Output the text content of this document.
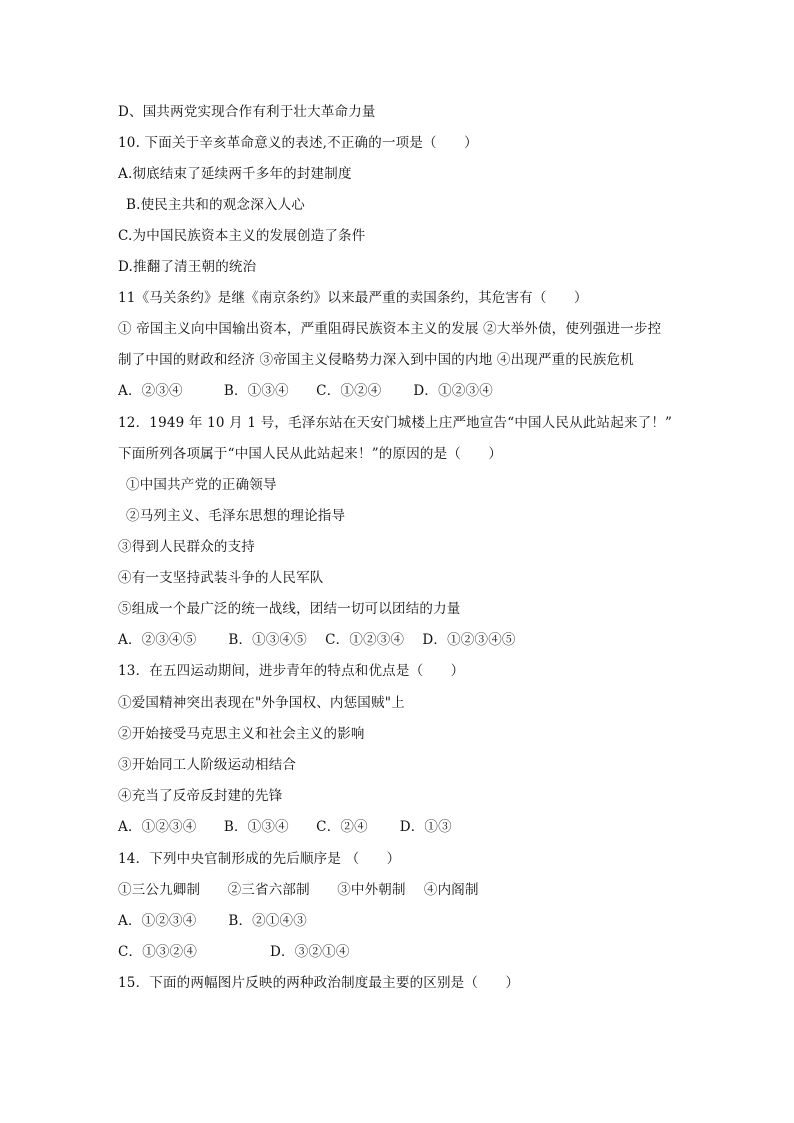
D、国共两党实现合作有利于壮大革命力量
10. 下面关于辛亥革命意义的表述,不正确的一项是（　　）
A.彻底结束了延续两千多年的封建制度
B.使民主共和的观念深入人心
C.为中国民族资本主义的发展创造了条件
D.推翻了清王朝的统治
11《马关条约》是继《南京条约》以来最严重的卖国条约，其危害有（　　）
① 帝国主义向中国输出资本，严重阻碍民族资本主义的发展 ②大举外债，使列强进一步控
制了中国的财政和经济 ③帝国主义侵略势力深入到中国的内地 ④出现严重的民族危机
A．②③④　　　B．①③④　　C．①②④　　 D．①②③④
12．1949 年 10 月 1 号，毛泽东站在天安门城楼上庄严地宣告“中国人民从此站起来了！”
下面所列各项属于“中国人民从此站起来！”的原因的是（　　）
①中国共产党的正确领导
②马列主义、毛泽东思想的理论指导
③得到人民群众的支持
④有一支坚持武装斗争的人民军队
⑤组成一个最广泛的统一战线，团结一切可以团结的力量
A．②③④⑤　　 B．①③④⑤　 C．①②③④　 D．①②③④⑤
13．在五四运动期间，进步青年的特点和优点是（　　）
①爱国精神突出表现在"外争国权、内惩国贼"上
②开始接受马克思主义和社会主义的影响
③开始同工人阶级运动相结合
④充当了反帝反封建的先锋
A．①②③④　　B．①③④　　C．②④　　 D．①③
14．下列中央官制形成的先后顺序是 （　　）
①三公九卿制　　②三省六部制　　③中外朝制　 ④内阁制
A．①②③④　　 B．②①④③
C．①③②④　　　　　 D．③②①④
15．下面的两幅图片反映的两种政治制度最主要的区别是（　　）
